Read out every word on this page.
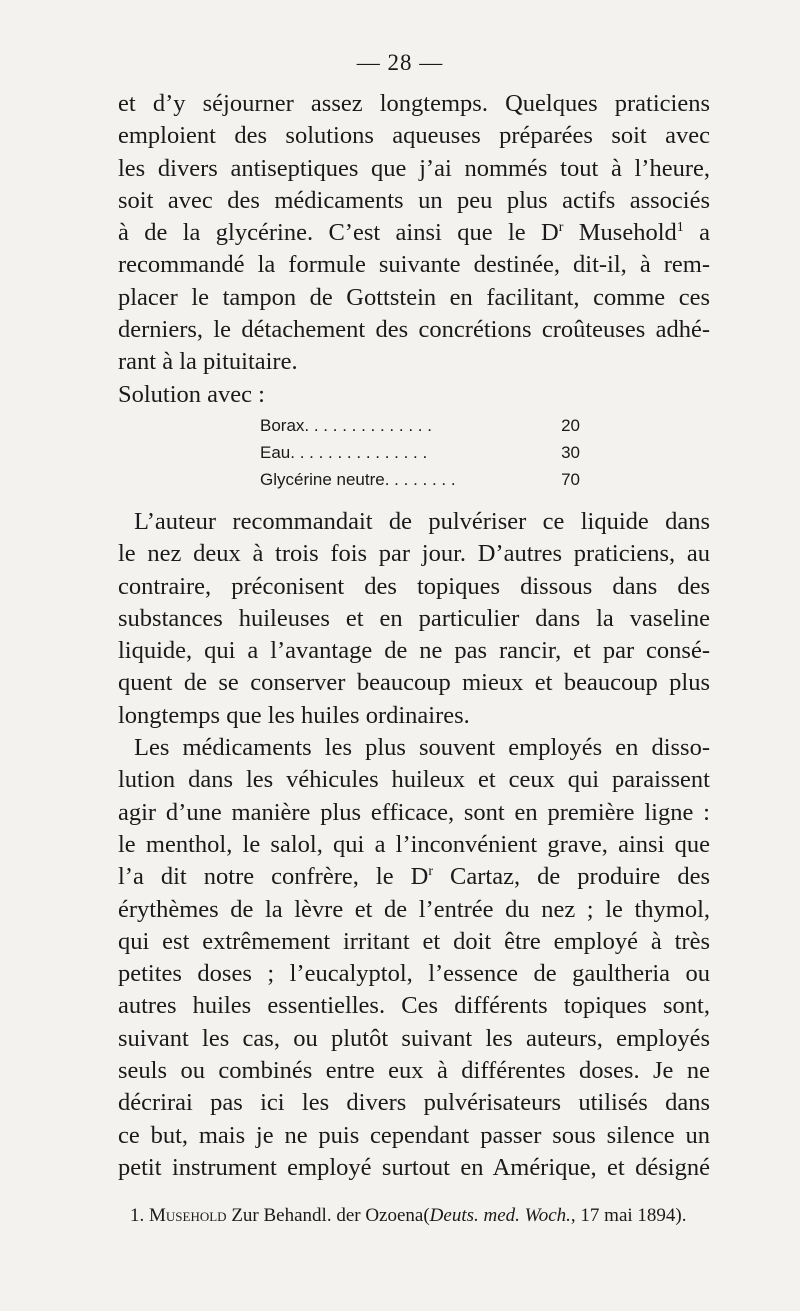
— 28 —
et d’y séjourner assez longtemps. Quelques praticiens
emploient des solutions aqueuses préparées soit avec
les divers antiseptiques que j’ai nommés tout à l’heure,
soit avec des médicaments un peu plus actifs associés
à de la glycérine. C’est ainsi que le $D^r$ Musehold$^1$ a
recommandé la formule suivante destinée, dit-il, à rem-
placer le tampon de Gottstein en facilitant, comme ces
derniers, le détachement des concrétions croûteuses adhé-
rant à la pituitaire.
Solution avec :
Borax. . . . . . . . . . . . . .	20
Eau. . . . . . . . . . . . . . .	30
Glycérine neutre. . . . . . . .	70
L’auteur recommandait de pulvériser ce liquide dans
le nez deux à trois fois par jour. D’autres praticiens, au
contraire, préconisent des topiques dissous dans des
substances huileuses et en particulier dans la vaseline
liquide, qui a l’avantage de ne pas rancir, et par consé-
quent de se conserver beaucoup mieux et beaucoup plus
longtemps que les huiles ordinaires.
Les médicaments les plus souvent employés en disso-
lution dans les véhicules huileux et ceux qui paraissent
agir d’une manière plus efficace, sont en première ligne :
le menthol, le salol, qui a l’inconvénient grave, ainsi que
l’a dit notre confrère, le $D^r$ Cartaz, de produire des
érythèmes de la lèvre et de l’entrée du nez ; le thymol,
qui est extrêmement irritant et doit être employé à très
petites doses ; l’eucalyptol, l’essence de gaultheria ou
autres huiles essentielles. Ces différents topiques sont,
suivant les cas, ou plutôt suivant les auteurs, employés
seuls ou combinés entre eux à différentes doses. Je ne
décrirai pas ici les divers pulvérisateurs utilisés dans
ce but, mais je ne puis cependant passer sous silence un
petit instrument employé surtout en Amérique, et désigné
1. Musehold Zur Behandl. der Ozoena(Deuts. med. Woch., 17 mai 1894).
